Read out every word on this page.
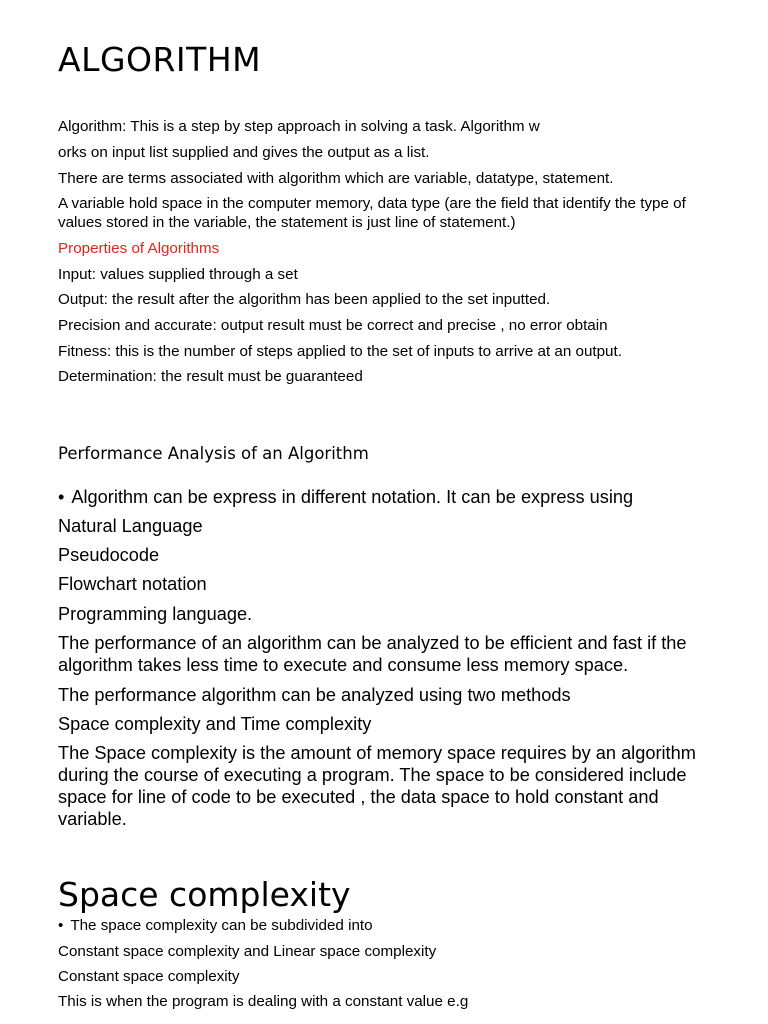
ALGORITHM

Algorithm: This is a step by step approach in solving a task. Algorithm w

orks on input list supplied and gives the output as a list.

There are terms associated with algorithm which are variable, datatype, statement.

A variable hold space in the computer memory, data type (are the field that identify the type of values stored in the variable, the statement is just line of statement.)

Properties of Algorithms

Input: values supplied through a set

Output: the result after the algorithm has been applied to the set inputted.

Precision and accurate: output result must be correct and precise , no error obtain

Fitness: this is the number of steps applied to the set of inputs to arrive at an output.

Determination: the result must be guaranteed

Performance Analysis of an Algorithm

• Algorithm can be express in different notation. It can be express using

Natural Language

Pseudocode

Flowchart notation

Programming language.

The performance of an algorithm can be analyzed to be efficient and fast if the algorithm takes less time to execute and consume less memory space.

The performance algorithm can be analyzed using two methods

Space complexity and Time complexity

The Space complexity is the amount of memory space requires by an algorithm during the course of executing a program. The space to be considered include space for line of code to be executed , the data space to hold constant and variable.

Space complexity

• The space complexity can be subdivided into

Constant space complexity and Linear space complexity

Constant space complexity

This is when the program is dealing with a constant value e.g
